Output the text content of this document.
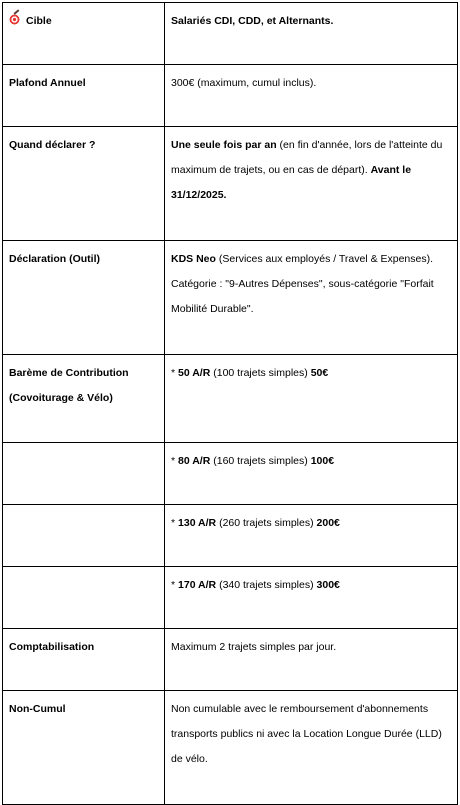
Cible	Salariés CDI, CDD, et Alternants.
Plafond Annuel	300€ (maximum, cumul inclus).
Quand déclarer ?	Une seule fois par an (en fin d'année, lors de l'atteinte du maximum de trajets, ou en cas de départ). Avant le 31/12/2025.
Déclaration (Outil)	KDS Neo (Services aux employés / Travel & Expenses). Catégorie : "9-Autres Dépenses", sous-catégorie "Forfait Mobilité Durable".
Barème de Contribution (Covoiturage & Vélo)	* 50 A/R (100 trajets simples) 50€
	* 80 A/R (160 trajets simples) 100€
	* 130 A/R (260 trajets simples) 200€
	* 170 A/R (340 trajets simples) 300€
Comptabilisation	Maximum 2 trajets simples par jour.
Non-Cumul	Non cumulable avec le remboursement d'abonnements transports publics ni avec la Location Longue Durée (LLD) de vélo.
